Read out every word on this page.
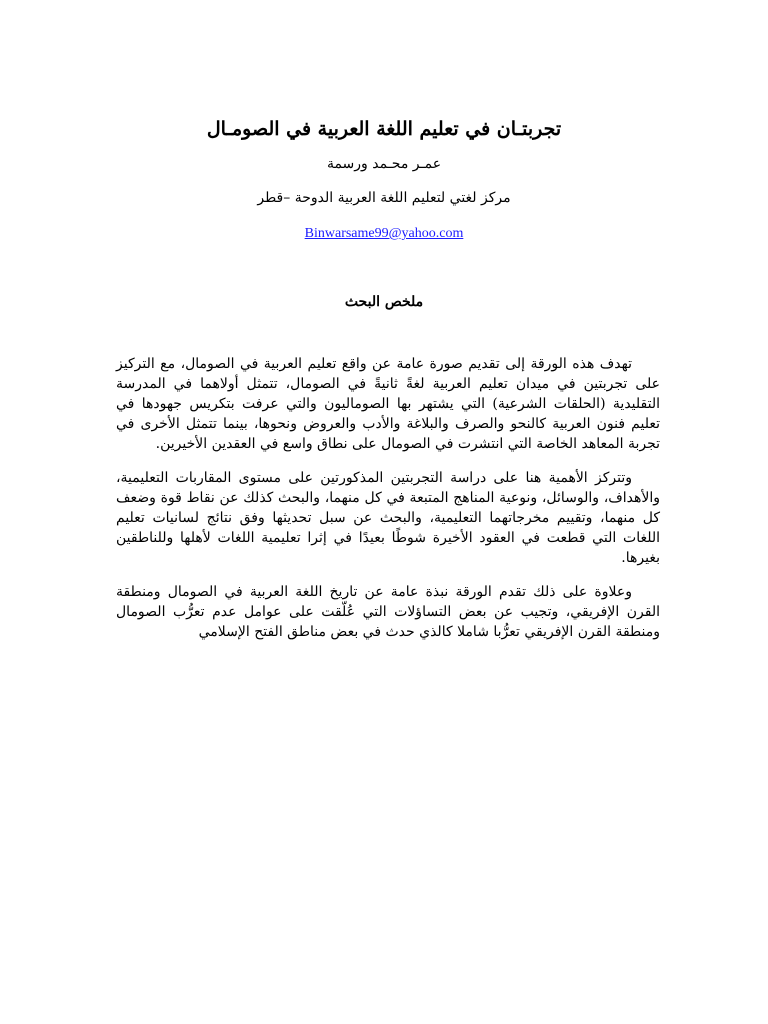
تجربتـان في تعليم اللغة العربية في الصومـال
عمـر محـمد ورسمة
مركز لغتي لتعليم اللغة العربية الدوحة –قطر
Binwarsame99@yahoo.com
ملخص البحث

تهدف هذه الورقة إلى تقديم صورة عامة عن واقع تعليم العربية في الصومال، مع التركيز على تجربتين في ميدان تعليم العربية لغةً ثانيةً في الصومال، تتمثل أولاهما في المدرسة التقليدية (الحلقات الشرعية) التي يشتهر بها الصوماليون والتي عرفت بتكريس جهودها في تعليم فنون العربية كالنحو والصرف والبلاغة والأدب والعروض ونحوها، بينما تتمثل الأخرى في تجربة المعاهد الخاصة التي انتشرت في الصومال على نطاق واسع في العقدين الأخيرين.

وتتركز الأهمية هنا على دراسة التجربتين المذكورتين على مستوى المقاربات التعليمية، والأهداف، والوسائل، ونوعية المناهج المتبعة في كل منهما، والبحث كذلك عن نقاط قوة وضعف كل منهما، وتقييم مخرجاتهما التعليمية، والبحث عن سبل تحديثها وفق نتائج لسانيات تعليم اللغات التي قطعت في العقود الأخيرة شوطًا بعيدًا في إثرا تعليمية اللغات لأهلها وللناطقين بغيرها.

وعلاوة على ذلك تقدم الورقة نبذة عامة عن تاريخ اللغة العربية في الصومال ومنطقة القرن الإفريقي، وتجيب عن بعض التساؤلات التي عُلّقت على عوامل عدم تعرُّب الصومال ومنطقة القرن الإفريقي تعرُّبا شاملا كالذي حدث في بعض مناطق الفتح الإسلامي
